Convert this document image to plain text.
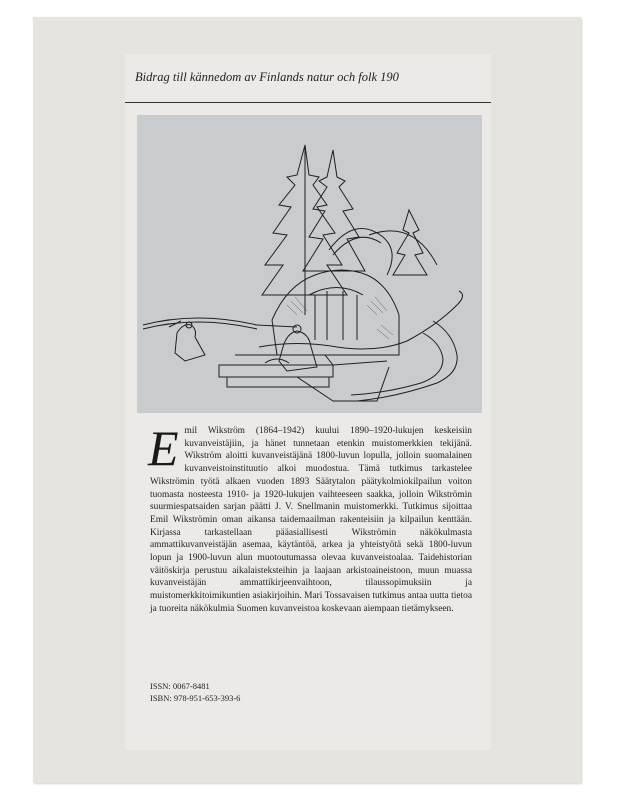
Bidrag till kännedom av Finlands natur och folk 190
Emil Wikström (1864–1942) kuului 1890–1920-lukujen keskeisiin kuvanveistäjiin, ja hänet tunnetaan etenkin muistomerkkien tekijänä. Wikström aloitti kuvanveistäjänä 1800-luvun lopulla, jolloin suomalainen kuvanveistoinstituutio alkoi muodostua. Tämä tutkimus tarkastelee Wikströmin työtä alkaen vuoden 1893 Säätytalon päätykolmiokilpailun voiton tuomasta nosteesta 1910- ja 1920-lukujen vaihteeseen saakka, jolloin Wikströmin suurmiespatsaiden sarjan päätti J. V. Snellmanin muistomerkki. Tutkimus sijoittaa Emil Wikströmin oman aikansa taidemaailman rakenteisiin ja kilpailun kenttään. Kirjassa tarkastellaan pääasiallisesti Wikströmin näkökulmasta ammattikuvanveistäjän asemaa, käytäntöä, arkea ja yhteistyötä sekä 1800-luvun lopun ja 1900-luvun alun muotoutumassa olevaa kuvanveistoalaa. Taidehistorian väitöskirja perustuu aikalaisteksteihin ja laajaan arkistoaineistoon, muun muassa kuvanveistäjän ammattikirjeenvaihtoon, tilaussopimuksiin ja muistomerkkitoimikuntien asiakirjoihin. Mari Tossavaisen tutkimus antaa uutta tietoa ja tuoreita näkökulmia Suomen kuvanveistoa koskevaan aiempaan tietämykseen.
ISSN: 0067-8481
ISBN: 978-951-653-393-6
